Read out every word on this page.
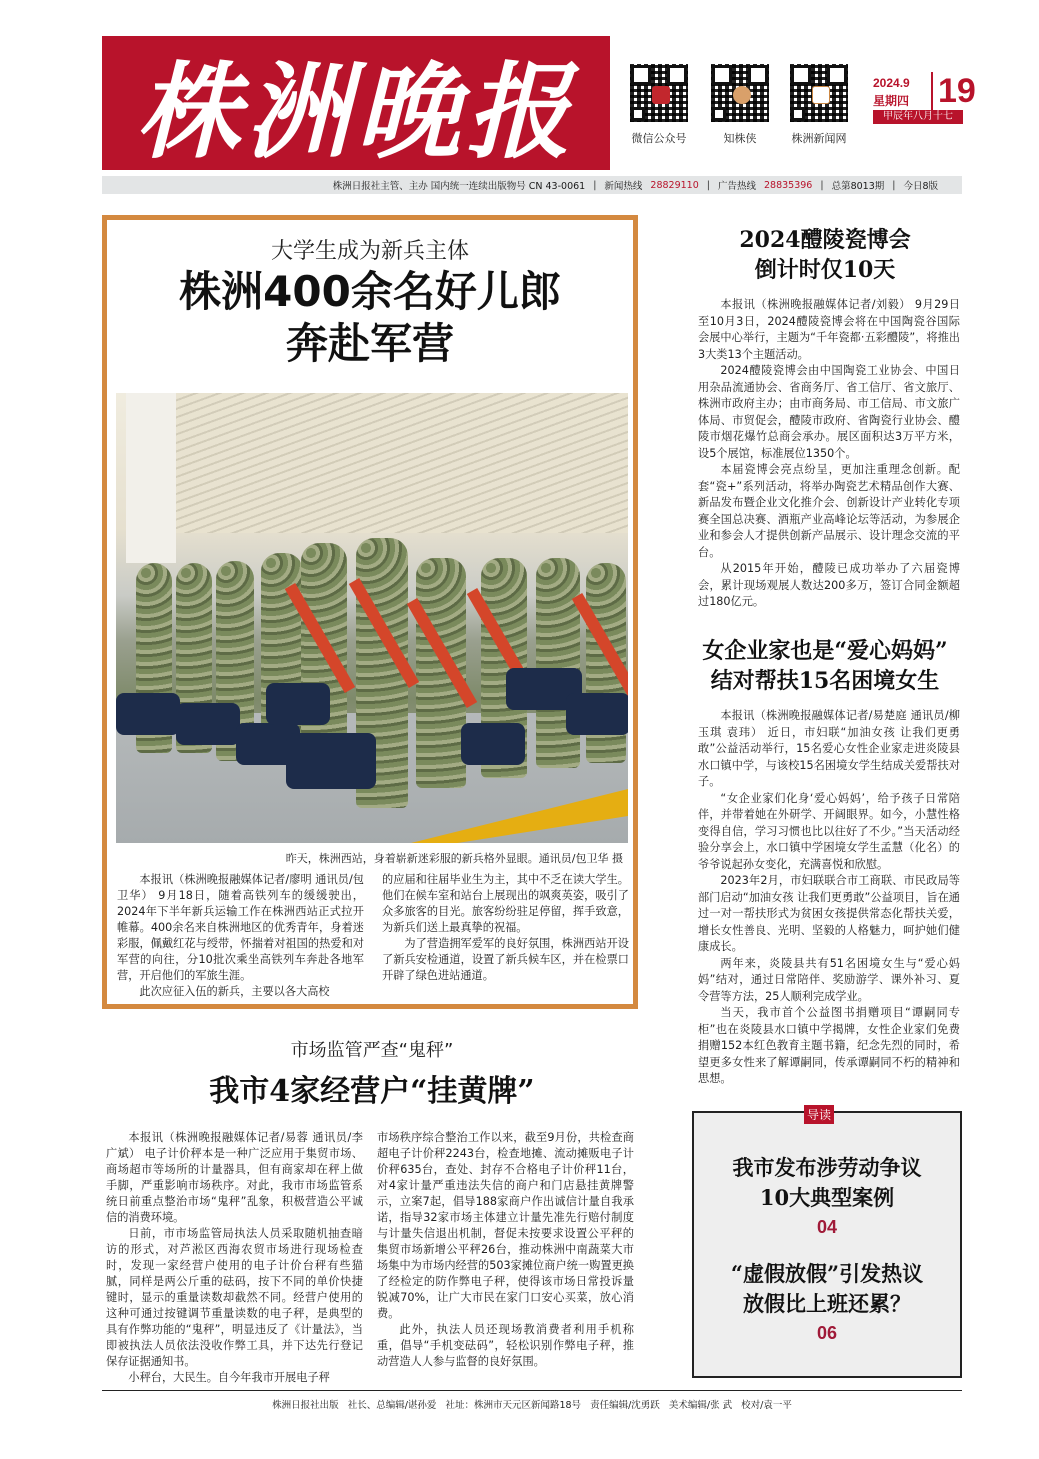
株洲晚报	微信公众号	知株侠	株洲新闻网
2024.9
星期四 19
甲辰年八月十七
株洲日报社主管、主办 国内统一连续出版物号 CN 43-0061 | 新闻热线 28829110 | 广告热线 28835396 | 总第8013期 | 今日8版
大学生成为新兵主体
株洲400余名好儿郎
奔赴军营
昨天，株洲西站，身着崭新迷彩服的新兵格外显眼。通讯员/包卫华 摄

本报讯（株洲晚报融媒体记者/廖明 通讯员/包卫华） 9月18日，随着高铁列车的缓缓驶出，2024年下半年新兵运输工作在株洲西站正式拉开帷幕。400余名来自株洲地区的优秀青年，身着迷彩服，佩戴红花与绶带，怀揣着对祖国的热爱和对军营的向往，分10批次乘坐高铁列车奔赴各地军营，开启他们的军旅生涯。

此次应征入伍的新兵，主要以各大高校

的应届和往届毕业生为主，其中不乏在读大学生。他们在候车室和站台上展现出的飒爽英姿，吸引了众多旅客的目光。旅客纷纷驻足停留，挥手致意，为新兵们送上最真挚的祝福。

为了营造拥军爱军的良好氛围，株洲西站开设了新兵安检通道，设置了新兵候车区，并在检票口开辟了绿色进站通道。

2024醴陵瓷博会
倒计时仅10天

本报讯（株洲晚报融媒体记者/刘毅） 9月29日至10月3日，2024醴陵瓷博会将在中国陶瓷谷国际会展中心举行，主题为“千年瓷都·五彩醴陵”，将推出3大类13个主题活动。

2024醴陵瓷博会由中国陶瓷工业协会、中国日用杂品流通协会、省商务厅、省工信厅、省文旅厅、株洲市政府主办；由市商务局、市工信局、市文旅广体局、市贸促会，醴陵市政府、省陶瓷行业协会、醴陵市烟花爆竹总商会承办。展区面积达3万平方米，设5个展馆，标准展位1350个。

本届瓷博会亮点纷呈，更加注重理念创新。配套“瓷+”系列活动，将举办陶瓷艺术精品创作大赛、新品发布暨企业文化推介会、创新设计产业转化专项赛全国总决赛、酒瓶产业高峰论坛等活动，为参展企业和参会人才提供创新产品展示、设计理念交流的平台。

从2015年开始，醴陵已成功举办了六届瓷博会，累计现场观展人数达200多万，签订合同金额超过180亿元。

女企业家也是“爱心妈妈”
结对帮扶15名困境女生

本报讯（株洲晚报融媒体记者/易楚庭 通讯员/柳玉琪 袁玮） 近日，市妇联“加油女孩 让我们更勇敢”公益活动举行，15名爱心女性企业家走进炎陵县水口镇中学，与该校15名困境女学生结成关爱帮扶对子。

“女企业家们化身‘爱心妈妈’，给予孩子日常陪伴，并带着她在外研学、开阔眼界。如今，小慧性格变得自信，学习习惯也比以往好了不少。”当天活动经验分享会上，水口镇中学困境女学生孟慧（化名）的爷爷说起孙女变化，充满喜悦和欣慰。

2023年2月，市妇联联合市工商联、市民政局等部门启动“加油女孩 让我们更勇敢”公益项目，旨在通过一对一帮扶形式为贫困女孩提供常态化帮扶关爱，增长女性善良、光明、坚毅的人格魅力，呵护她们健康成长。

两年来，炎陵县共有51名困境女生与“爱心妈妈”结对，通过日常陪伴、奖励游学、课外补习、夏令营等方法，25人顺利完成学业。

当天，我市首个公益图书捐赠项目“谭嗣同专柜”也在炎陵县水口镇中学揭牌，女性企业家们免费捐赠152本红色教育主题书籍，纪念先烈的同时，希望更多女性来了解谭嗣同，传承谭嗣同不朽的精神和思想。

市场监管严查“鬼秤”
我市4家经营户“挂黄牌”

本报讯（株洲晚报融媒体记者/易蓉 通讯员/李广斌） 电子计价秤本是一种广泛应用于集贸市场、商场超市等场所的计量器具，但有商家却在秤上做手脚，严重影响市场秩序。对此，我市市场监管系统日前重点整治市场“鬼秤”乱象，积极营造公平诚信的消费环境。

日前，市市场监管局执法人员采取随机抽查暗访的形式，对芦淞区西海农贸市场进行现场检查时，发现一家经营户使用的电子计价台秤有些猫腻，同样是两公斤重的砝码，按下不同的单价快捷键时，显示的重量读数却截然不同。经营户使用的这种可通过按键调节重量读数的电子秤，是典型的具有作弊功能的“鬼秤”，明显违反了《计量法》，当即被执法人员依法没收作弊工具，并下达先行登记保存证据通知书。

小秤台，大民生。自今年我市开展电子秤

市场秩序综合整治工作以来，截至9月份，共检查商超电子计价秤2243台，检查地摊、流动摊贩电子计价秤635台，查处、封存不合格电子计价秤11台，对4家计量严重违法失信的商户和门店悬挂黄牌警示，立案7起，倡导188家商户作出诚信计量自我承诺，指导32家市场主体建立计量先准先行赔付制度与计量失信退出机制，督促未按要求设置公平秤的集贸市场新增公平秤26台，推动株洲中南蔬菜大市场集中为市场内经营的503家摊位商户统一购置更换了经检定的防作弊电子秤，使得该市场日常投诉量锐减70%，让广大市民在家门口安心买菜，放心消费。

此外，执法人员还现场教消费者利用手机称重，倡导“手机变砝码”，轻松识别作弊电子秤，推动营造人人参与监督的良好氛围。

导读
我市发布涉劳动争议
10大典型案例
04
“虚假放假”引发热议
放假比上班还累？
06
株洲日报社出版   社长、总编辑/谌孙爱   社址：株洲市天元区新闻路18号   责任编辑/沈勇跃   美术编辑/张 武   校对/袁一平
